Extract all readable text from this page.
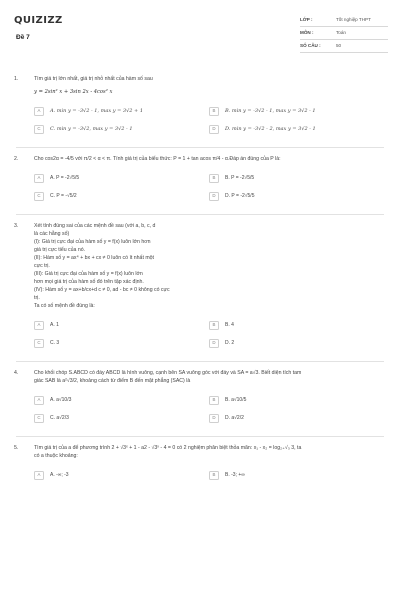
QUIZIZZ
Đề 7
LỚP :	Tốt nghiệp THPT
MÔN :	Toán
SỐ CÂU :	50
1.	Tìm giá trị lớn nhất, giá trị nhỏ nhất của hàm số sau
y = 2sin² x + 3sin 2x - 4cos² x
A	A. min y = -3√2 - 1, max y = 3√2 + 1	B	B. min y = -3√2 - 1, max y = 3√2 - 1
C	C. min y = -3√2, max y = 3√2 - 1	D	D. min y = -3√2 - 2, max y = 3√2 - 1
2.	Cho cos2α = -4/5 với π/2 < α < π. Tính giá trị của biểu thức: P = 1 + tan acos π/4 - α.Đáp án đúng của P là:
A	A. P = -2√5/5	B	B. P = -2√5/5
C	C. P = -√5/2	D	D. P = -2√5/5
3.	Xét tính đúng sai của các mệnh đề sau (với a, b, c, d
là các hằng số)
(I): Giá trị cực đại của hàm số y = f(x) luôn lớn hơn
giá trị cực tiểu của nó.
(II): Hàm số y = ax⁴ + bx + cx ≠ 0 luôn có ít nhất một
cực trị.
(III): Giá trị cực đại của hàm số y = f(x) luôn lớn
hơn mọi giá trị của hàm số đó trên tập xác định.
(IV): Hàm số y = ax+b/cx+d c ≠ 0, ad - bc ≠ 0 không có cực
trị.
Ta có số mệnh đề đúng là:
A	A. 1	B	B. 4
C	C. 3	D	D. 2
4.	Cho khối chóp S.ABCD có đáy ABCD là hình vuông, cạnh bên SA vuông góc với đáy và SA = a√3. Biết diện tích tam
giác SAB là a²√3/2, khoảng cách từ điểm B đến mặt phẳng (SAC) là
A	A. a√10/3	B	B. a√10/5
C	C. a√2/3	D	D. a√2/2
5.	Tìm giá trị của a để phương trình 2 + √3ˣ + 1 - a2 - √3ˣ - 4 = 0 có 2 nghiệm phân biệt thỏa mãn: x₁ - x₂ = log₂₊√₃ 3, ta
có a thuộc khoảng:
A	A. -∞; -3	B	B. -3; +∞
